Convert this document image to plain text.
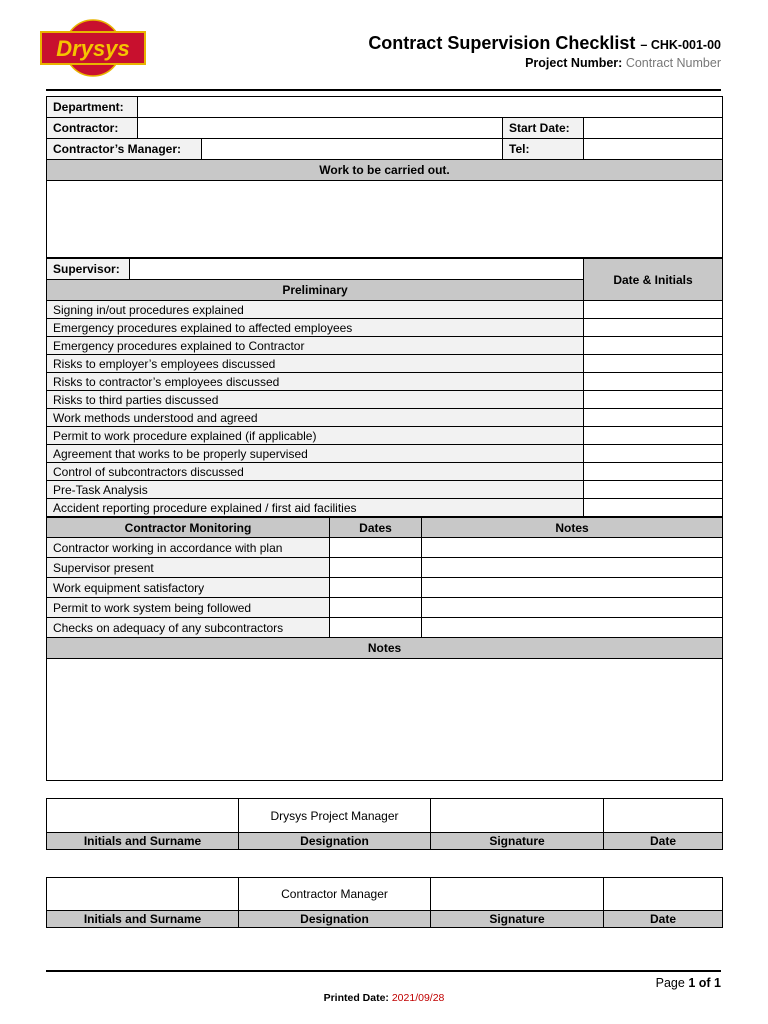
Drysys	Contract Supervision Checklist – CHK-001-00
Project Number: Contract Number
Department:				
Contractor:			Start Date:	
Contractor’s Manager:			Tel:	
Work to be carried out.				

Supervisor:		Date & Initials
Preliminary		
Signing in/out procedures explained		
Emergency procedures explained to affected employees		
Emergency procedures explained to Contractor		
Risks to employer’s employees discussed		
Risks to contractor’s employees discussed		
Risks to third parties discussed		
Work methods understood and agreed		
Permit to work procedure explained (if applicable)		
Agreement that works to be properly supervised		
Control of subcontractors discussed		
Pre-Task Analysis		
Accident reporting procedure explained / first aid facilities		
Contractor Monitoring	Dates	Notes
Contractor working in accordance with plan		
Supervisor present		
Work equipment satisfactory		
Permit to work system being followed		
Checks on adequacy of any subcontractors		
Notes		

	Drysys Project Manager		
Initials and Surname	Designation	Signature	Date
	Contractor Manager		
Initials and Surname	Designation	Signature	Date
Page 1 of 1
Printed Date: 2021/09/28
